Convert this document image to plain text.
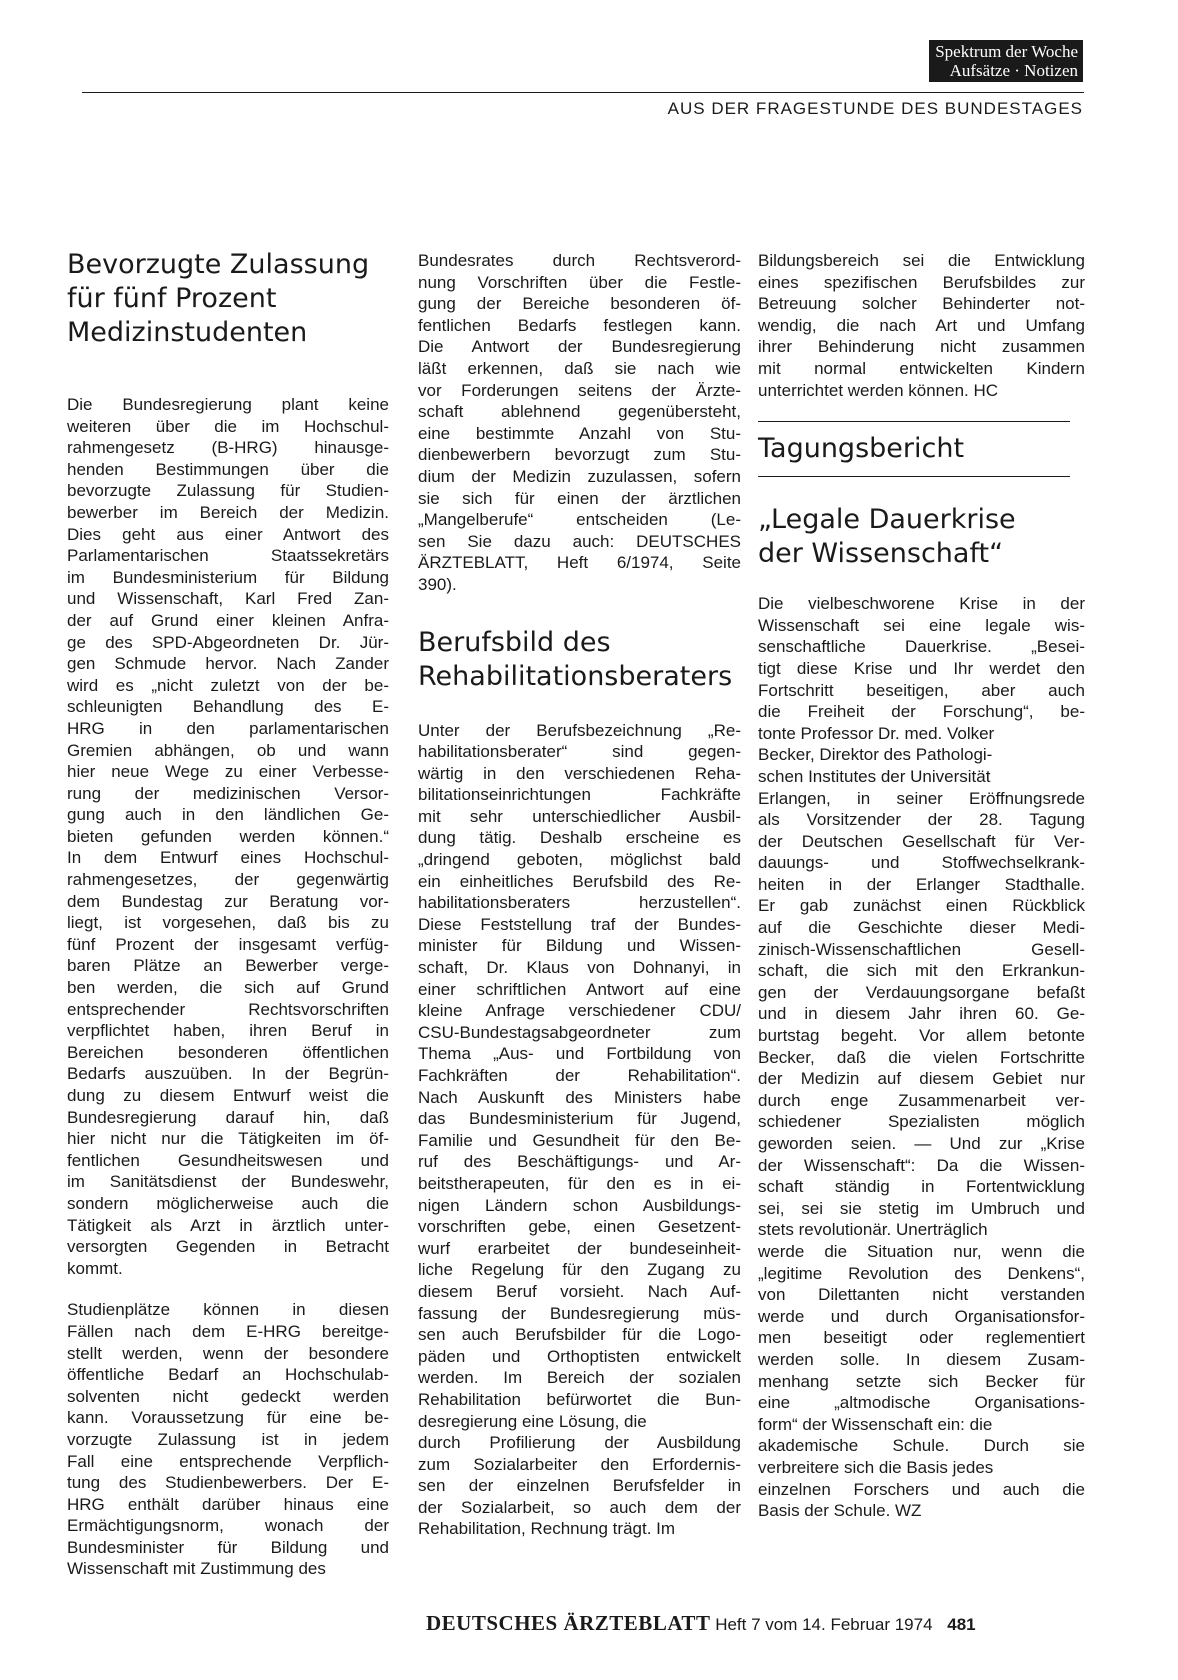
Spektrum der Woche
Aufsätze · Notizen
AUS DER FRAGESTUNDE DES BUNDESTAGES
Bevorzugte Zulassung
für fünf Prozent
Medizinstudenten
Die Bundesregierung plant keine
weiteren über die im Hochschul-
rahmengesetz (B-HRG) hinausge-
henden Bestimmungen über die
bevorzugte Zulassung für Studien-
bewerber im Bereich der Medizin.
Dies geht aus einer Antwort des
Parlamentarischen Staatssekretärs
im Bundesministerium für Bildung
und Wissenschaft, Karl Fred Zan-
der auf Grund einer kleinen Anfra-
ge des SPD-Abgeordneten Dr. Jür-
gen Schmude hervor. Nach Zander
wird es „nicht zuletzt von der be-
schleunigten Behandlung des E-
HRG in den parlamentarischen
Gremien abhängen, ob und wann
hier neue Wege zu einer Verbesse-
rung der medizinischen Versor-
gung auch in den ländlichen Ge-
bieten gefunden werden können.“
In dem Entwurf eines Hochschul-
rahmengesetzes, der gegenwärtig
dem Bundestag zur Beratung vor-
liegt, ist vorgesehen, daß bis zu
fünf Prozent der insgesamt verfüg-
baren Plätze an Bewerber verge-
ben werden, die sich auf Grund
entsprechender Rechtsvorschriften
verpflichtet haben, ihren Beruf in
Bereichen besonderen öffentlichen
Bedarfs auszuüben. In der Begrün-
dung zu diesem Entwurf weist die
Bundesregierung darauf hin, daß
hier nicht nur die Tätigkeiten im öf-
fentlichen Gesundheitswesen und
im Sanitätsdienst der Bundeswehr,
sondern möglicherweise auch die
Tätigkeit als Arzt in ärztlich unter-
versorgten Gegenden in Betracht
kommt.
Studienplätze können in diesen
Fällen nach dem E-HRG bereitge-
stellt werden, wenn der besondere
öffentliche Bedarf an Hochschulab-
solventen nicht gedeckt werden
kann. Voraussetzung für eine be-
vorzugte Zulassung ist in jedem
Fall eine entsprechende Verpflich-
tung des Studienbewerbers. Der E-
HRG enthält darüber hinaus eine
Ermächtigungsnorm, wonach der
Bundesminister für Bildung und
Wissenschaft mit Zustimmung des
Bundesrates durch Rechtsverord-
nung Vorschriften über die Festle-
gung der Bereiche besonderen öf-
fentlichen Bedarfs festlegen kann.
Die Antwort der Bundesregierung
läßt erkennen, daß sie nach wie
vor Forderungen seitens der Ärzte-
schaft ablehnend gegenübersteht,
eine bestimmte Anzahl von Stu-
dienbewerbern bevorzugt zum Stu-
dium der Medizin zuzulassen, sofern
sie sich für einen der ärztlichen
„Mangelberufe“ entscheiden (Le-
sen Sie dazu auch: DEUTSCHES
ÄRZTEBLATT, Heft 6/1974, Seite
390).
Berufsbild des
Rehabilitationsberaters
Unter der Berufsbezeichnung „Re-
habilitationsberater“ sind gegen-
wärtig in den verschiedenen Reha-
bilitationseinrichtungen Fachkräfte
mit sehr unterschiedlicher Ausbil-
dung tätig. Deshalb erscheine es
„dringend geboten, möglichst bald
ein einheitliches Berufsbild des Re-
habilitationsberaters herzustellen“.
Diese Feststellung traf der Bundes-
minister für Bildung und Wissen-
schaft, Dr. Klaus von Dohnanyi, in
einer schriftlichen Antwort auf eine
kleine Anfrage verschiedener CDU/
CSU-Bundestagsabgeordneter zum
Thema „Aus- und Fortbildung von
Fachkräften der Rehabilitation“.
Nach Auskunft des Ministers habe
das Bundesministerium für Jugend,
Familie und Gesundheit für den Be-
ruf des Beschäftigungs- und Ar-
beitstherapeuten, für den es in ei-
nigen Ländern schon Ausbildungs-
vorschriften gebe, einen Gesetzent-
wurf erarbeitet der bundeseinheit-
liche Regelung für den Zugang zu
diesem Beruf vorsieht. Nach Auf-
fassung der Bundesregierung müs-
sen auch Berufsbilder für die Logo-
päden und Orthoptisten entwickelt
werden. Im Bereich der sozialen
Rehabilitation befürwortet die Bun-
desregierung eine Lösung, die
durch Profilierung der Ausbildung
zum Sozialarbeiter den Erfordernis-
sen der einzelnen Berufsfelder in
der Sozialarbeit, so auch dem der
Rehabilitation, Rechnung trägt. Im
Bildungsbereich sei die Entwicklung
eines spezifischen Berufsbildes zur
Betreuung solcher Behinderter not-
wendig, die nach Art und Umfang
ihrer Behinderung nicht zusammen
mit normal entwickelten Kindern
unterrichtet werden können. HC
Tagungsbericht
„Legale Dauerkrise
der Wissenschaft“
Die vielbeschworene Krise in der
Wissenschaft sei eine legale wis-
senschaftliche Dauerkrise. „Besei-
tigt diese Krise und Ihr werdet den
Fortschritt beseitigen, aber auch
die Freiheit der Forschung“, be-
tonte Professor Dr. med. Volker
Becker, Direktor des Pathologi-
schen Institutes der Universität
Erlangen, in seiner Eröffnungsrede
als Vorsitzender der 28. Tagung
der Deutschen Gesellschaft für Ver-
dauungs- und Stoffwechselkrank-
heiten in der Erlanger Stadthalle.
Er gab zunächst einen Rückblick
auf die Geschichte dieser Medi-
zinisch-Wissenschaftlichen Gesell-
schaft, die sich mit den Erkrankun-
gen der Verdauungsorgane befaßt
und in diesem Jahr ihren 60. Ge-
burtstag begeht. Vor allem betonte
Becker, daß die vielen Fortschritte
der Medizin auf diesem Gebiet nur
durch enge Zusammenarbeit ver-
schiedener Spezialisten möglich
geworden seien. — Und zur „Krise
der Wissenschaft“: Da die Wissen-
schaft ständig in Fortentwicklung
sei, sei sie stetig im Umbruch und
stets revolutionär. Unerträglich
werde die Situation nur, wenn die
„legitime Revolution des Denkens“,
von Dilettanten nicht verstanden
werde und durch Organisationsfor-
men beseitigt oder reglementiert
werden solle. In diesem Zusam-
menhang setzte sich Becker für
eine „altmodische Organisations-
form“ der Wissenschaft ein: die
akademische Schule. Durch sie
verbreitere sich die Basis jedes
einzelnen Forschers und auch die
Basis der Schule. WZ
DEUTSCHES ÄRZTEBLATT Heft 7 vom 14. Februar 1974 481
